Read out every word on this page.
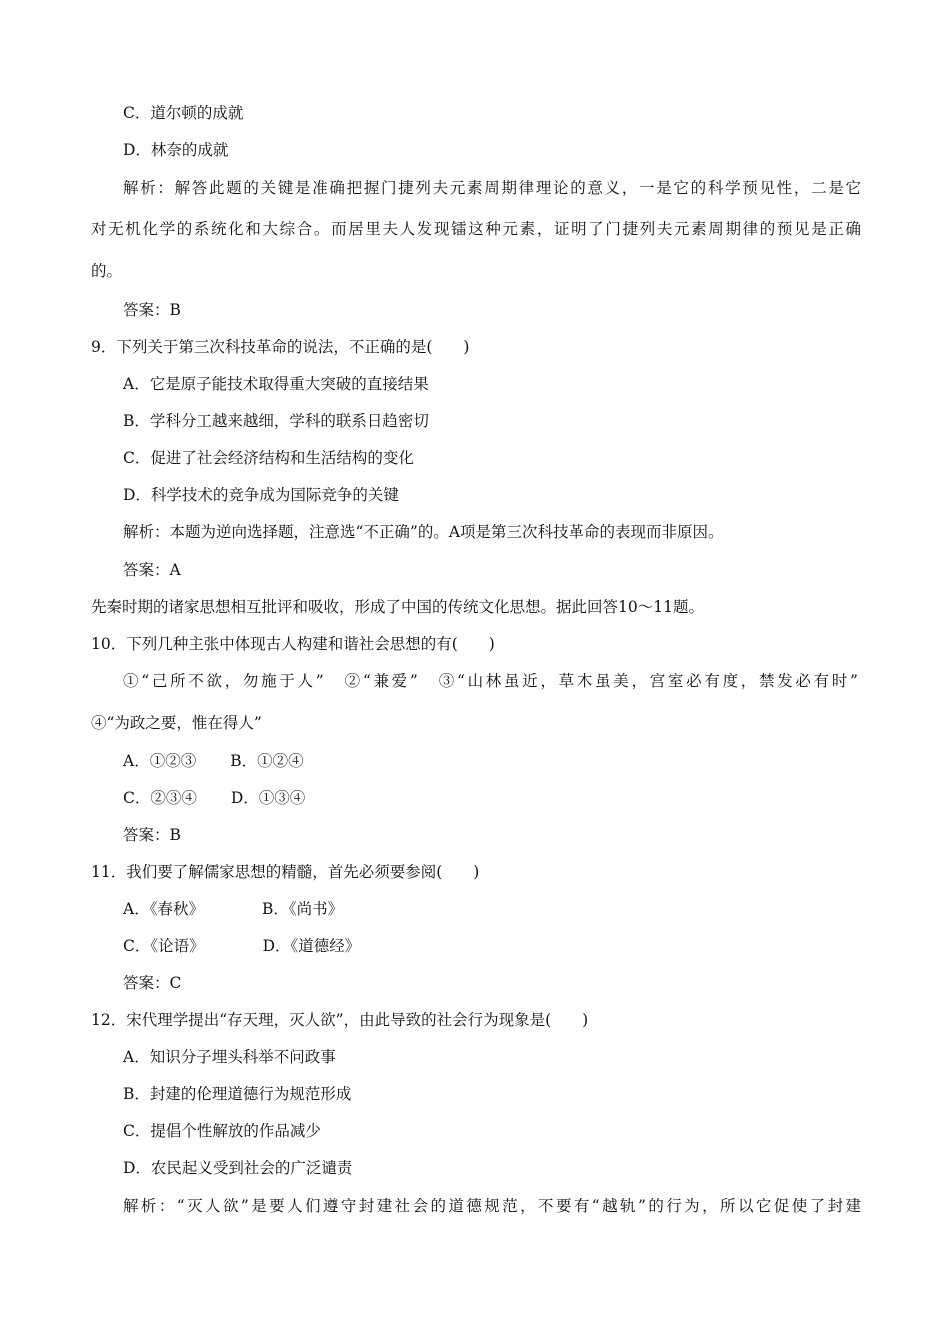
C．道尔顿的成就
D．林奈的成就
解析：解答此题的关键是准确把握门捷列夫元素周期律理论的意义，一是它的科学预见性，二是它
对无机化学的系统化和大综合。而居里夫人发现镭这种元素，证明了门捷列夫元素周期律的预见是正确
的。
答案：B
9．下列关于第三次科技革命的说法，不正确的是(　　)
A．它是原子能技术取得重大突破的直接结果
B．学科分工越来越细，学科的联系日趋密切
C．促进了社会经济结构和生活结构的变化
D．科学技术的竞争成为国际竞争的关键
解析：本题为逆向选择题，注意选“不正确”的。A项是第三次科技革命的表现而非原因。
答案：A
先秦时期的诸家思想相互批评和吸收，形成了中国的传统文化思想。据此回答10～11题。
10．下列几种主张中体现古人构建和谐社会思想的有(　　)
①“己所不欲，勿施于人”　②“兼爱”　③“山林虽近，草木虽美，宫室必有度，禁发必有时”
④“为政之要，惟在得人”
A．①②③ B．①②④
C．②③④ D．①③④
答案：B
11．我们要了解儒家思想的精髓，首先必须要参阅(　　)
A．《春秋》	B．《尚书》
C．《论语》	D．《道德经》
答案：C
12．宋代理学提出“存天理，灭人欲”，由此导致的社会行为现象是(　　)
A．知识分子埋头科举不问政事
B．封建的伦理道德行为规范形成
C．提倡个性解放的作品减少
D．农民起义受到社会的广泛谴责
解析：“灭人欲”是要人们遵守封建社会的道德规范，不要有“越轨”的行为，所以它促使了封建
